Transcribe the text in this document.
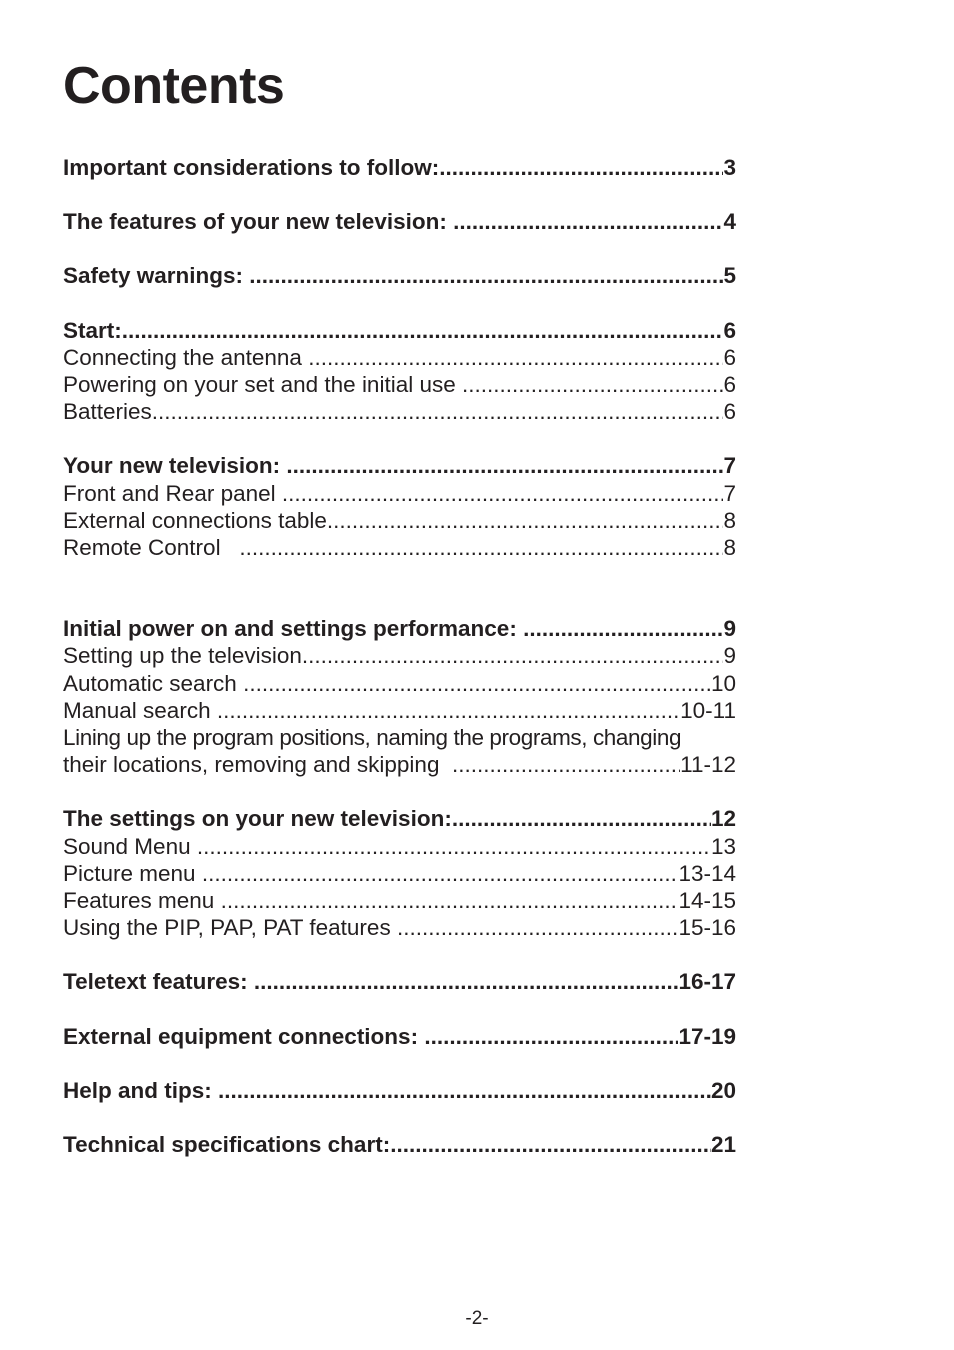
Contents
Important considerations to follow: .....	3
The features of your new television: .....	4
Safety warnings: .....	5
Start: .....	6
Connecting the antenna .....	6
Powering on your set and the initial use .....	6
Batteries .....	6
Your new television: .....	7
Front and Rear panel .....	7
External connections table .....	8
Remote Control .....	8
Initial power on and settings performance: .....	9
Setting up the television .....	9
Automatic search .....	10
Manual search .....	10-11
Lining up the program positions, naming the programs, changing
their locations, removing and skipping .....	11-12
The settings on your new television: .....	12
Sound Menu .....	13
Picture menu .....	13-14
Features menu .....	14-15
Using the PIP, PAP, PAT features .....	15-16
Teletext features: .....	16-17
External equipment connections: .....	17-19
Help and tips: .....	20
Technical specifications chart: .....	21
-2-
